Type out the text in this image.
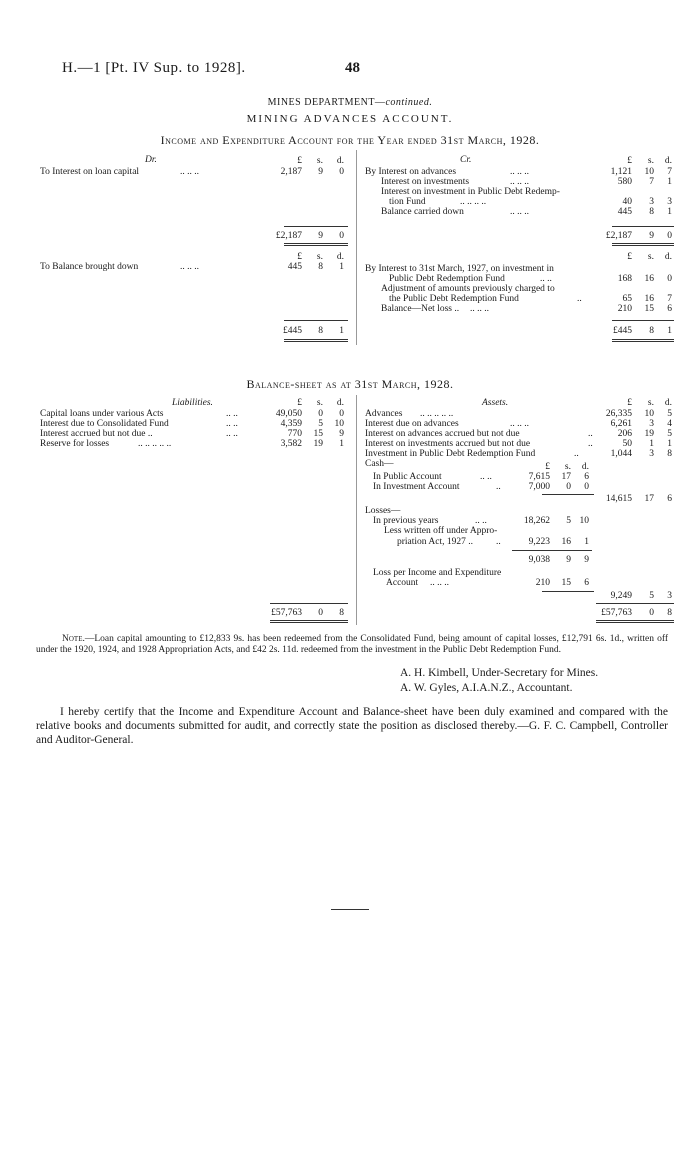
H.—1 [Pt. IV Sup. to 1928].	48
MINES DEPARTMENT—continued.
MINING ADVANCES ACCOUNT.
Income and Expenditure Account for the Year ended 31st March, 1928.
Dr.	Cr.
£	s.	d.	£	s.	d.
To Interest on loan capital	.. .. ..	2,187	9	0 By Interest on advances	.. .. ..	1,121	10	7
Interest on investments	.. .. ..	580	7	1
Interest on investment in Public Debt Redemp-
tion Fund	.. .. .. ..	40	3	3
Balance carried down	.. .. ..	445	8	1
£2,187	9	0	£2,187	9	0
£	s.	d.	£	s.	d.
To Balance brought down	.. .. ..	445	8	1 By Interest to 31st March, 1927, on investment in
Public Debt Redemption Fund	.. ..	168	16	0
Adjustment of amounts previously charged to
the Public Debt Redemption Fund	..	65	16	7
Balance—Net loss .. .. .. ..	210	15	6
£445	8	1	£445	8	1
Balance-sheet as at 31st March, 1928.
Liabilities.	Assets.
£	s.	d.	£	s.	d.
Capital loans under various Acts	.. ..	49,050	0	0
Interest due to Consolidated Fund	.. ..	4,359	5	10
Interest accrued but not due ..	.. ..	770	15	9
Reserve for losses	.. .. .. .. ..	3,582	19	1
Advances .. .. .. .. ..	26,335	10	5
Interest due on advances	.. .. ..	6,261	3	4
Interest on advances accrued but not due	..	206	19	5
Interest on investments accrued but not due	..	50	1	1
Investment in Public Debt Redemption Fund	..	1,044	3	8
Cash—	£	s.	d.
In Public Account	.. ..	7,615	17	6
In Investment Account	..	7,000	0	0
14,615	17	6
Losses—
In previous years	.. ..	18,262	5 10
Less written off under Appro-
priation Act, 1927 .. ..	9,223	16	1
9,038	9	9
Loss per Income and Expenditure
Account .. .. ..	210	15	6
9,249	5	3
£57,763	0	8	£57,763	0	8
Note.—Loan capital amounting to £12,833 9s. has been redeemed from the Consolidated Fund, being amount of capital losses, £12,791 6s. 1d., written off under the 1920, 1924, and 1928 Appropriation Acts, and £42 2s. 11d. redeemed from the investment in the Public Debt Redemption Fund.
A. H. Kimbell, Under-Secretary for Mines.
A. W. Gyles, A.I.A.N.Z., Accountant.
I hereby certify that the Income and Expenditure Account and Balance-sheet have been duly examined and compared with the relative books and documents submitted for audit, and correctly state the position as disclosed thereby.—G. F. C. Campbell, Controller and Auditor-General.
